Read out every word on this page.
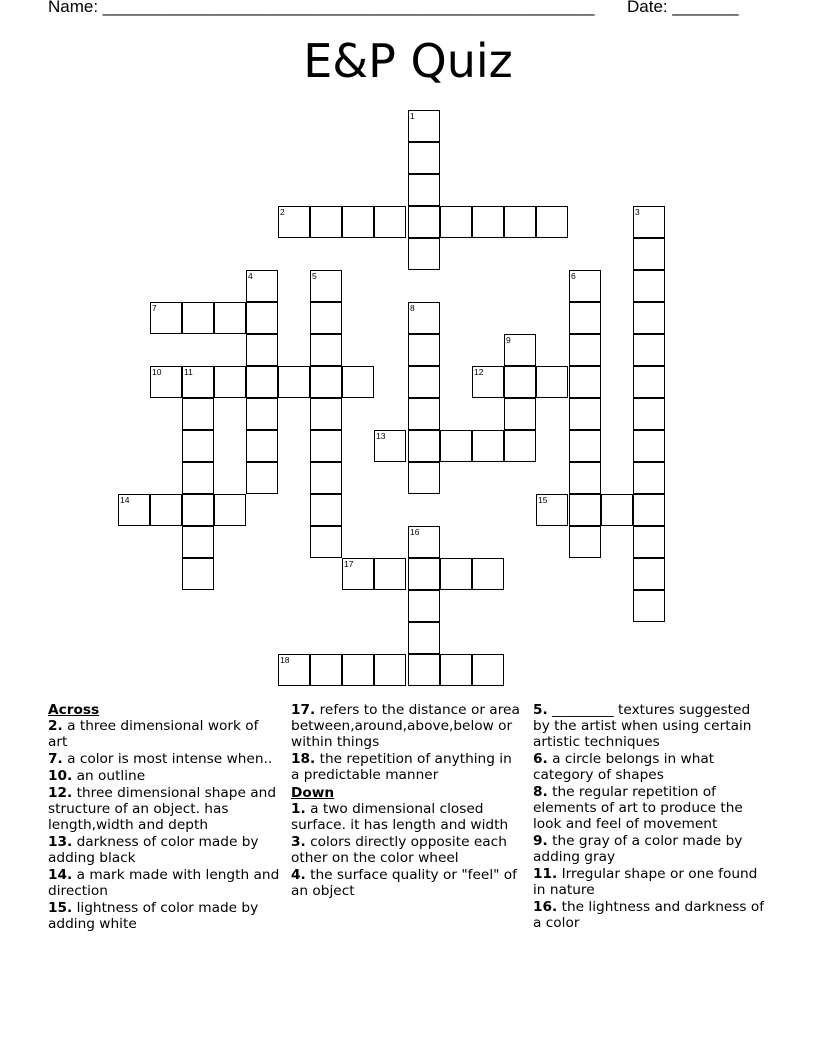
Name: ____________________________________________________ Date: _______
E&P Quiz
1
2	3
4	5	6
7	8
9
10	11	12
13
14	15
16
17
18
Across
2. a three dimensional work of art
7. a color is most intense when..
10. an outline
12. three dimensional shape and structure of an object. has length,width and depth
13. darkness of color made by adding black
14. a mark made with length and direction
15. lightness of color made by adding white
17. refers to the distance or area between,around,above,below or within things
18. the repetition of anything in a predictable manner
Down
1. a two dimensional closed surface. it has length and width
3. colors directly opposite each other on the color wheel
4. the surface quality or "feel" of an object
5. _________ textures suggested by the artist when using certain artistic techniques
6. a circle belongs in what category of shapes
8. the regular repetition of elements of art to produce the look and feel of movement
9. the gray of a color made by adding gray
11. Irregular shape or one found in nature
16. the lightness and darkness of a color
